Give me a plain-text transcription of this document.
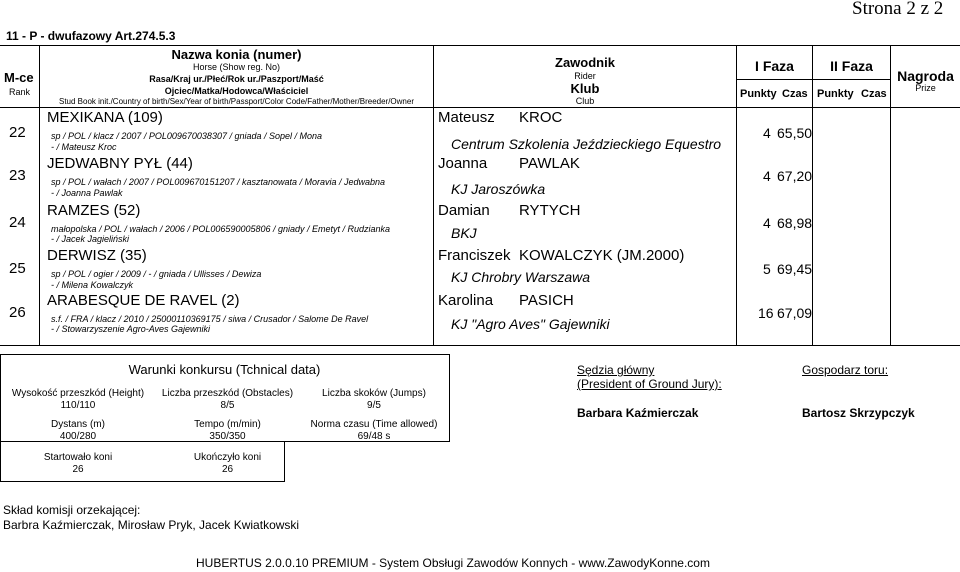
Strona 2 z 2
11 - P - dwufazowy Art.274.5.3
M-ce
Rank
Nazwa konia (numer)
Horse (Show reg. No)
Rasa/Kraj ur./Płeć/Rok ur./Paszport/Maść
Ojciec/Matka/Hodowca/Właściciel
Stud Book init./Country of birth/Sex/Year of birth/Passport/Color Code/Father/Mother/Breeder/Owner
Zawodnik
Rider
Klub
Club
I Faza	II Faza
Punkty Czas Punkty Czas
Nagroda
Prize
22
MEXIKANA (109)
sp / POL / klacz / 2007 / POL009670038307 / gniada / Sopel / Mona
- / Mateusz Kroc
Mateusz KROC
Centrum Szkolenia Jeździeckiego Equestro
4 65,50
23
JEDWABNY PYŁ (44)
sp / POL / wałach / 2007 / POL009670151207 / kasztanowata / Moravia / Jedwabna
- / Joanna Pawlak
Joanna PAWLAK
KJ Jaroszówka
4 67,20
24
RAMZES (52)
małopolska / POL / wałach / 2006 / POL006590005806 / gniady / Emetyt / Rudzianka
- / Jacek Jagieliński
Damian RYTYCH
BKJ
4 68,98
25
DERWISZ (35)
sp / POL / ogier / 2009 / - / gniada / Ullisses / Dewiza
- / Milena Kowalczyk
Franciszek KOWALCZYK (JM.2000)
KJ Chrobry Warszawa	5 69,45
26
ARABESQUE DE RAVEL (2)
s.f. / FRA / klacz / 2010 / 25000110369175 / siwa / Crusador / Salome De Ravel
- / Stowarzyszenie Agro-Aves Gajewniki
Karolina PASICH
KJ "Agro Aves" Gajewniki
16 67,09
Warunki konkursu (Tchnical data)
Wysokość przeszkód (Height)
110/110
Liczba przeszkód (Obstacles)
8/5
Liczba skoków (Jumps)
9/5
Dystans (m)
400/280
Tempo (m/min)
350/350
Norma czasu (Time allowed)
69/48 s
Startowało koni
26
Ukończyło koni
26
Sędzia główny
(President of Ground Jury):
Barbara Kaźmierczak
Gospodarz toru:
Bartosz Skrzypczyk
Skład komisji orzekającej:
Barbra Kaźmierczak, Mirosław Pryk, Jacek Kwiatkowski
HUBERTUS 2.0.0.10 PREMIUM - System Obsługi Zawodów Konnych - www.ZawodyKonne.com
